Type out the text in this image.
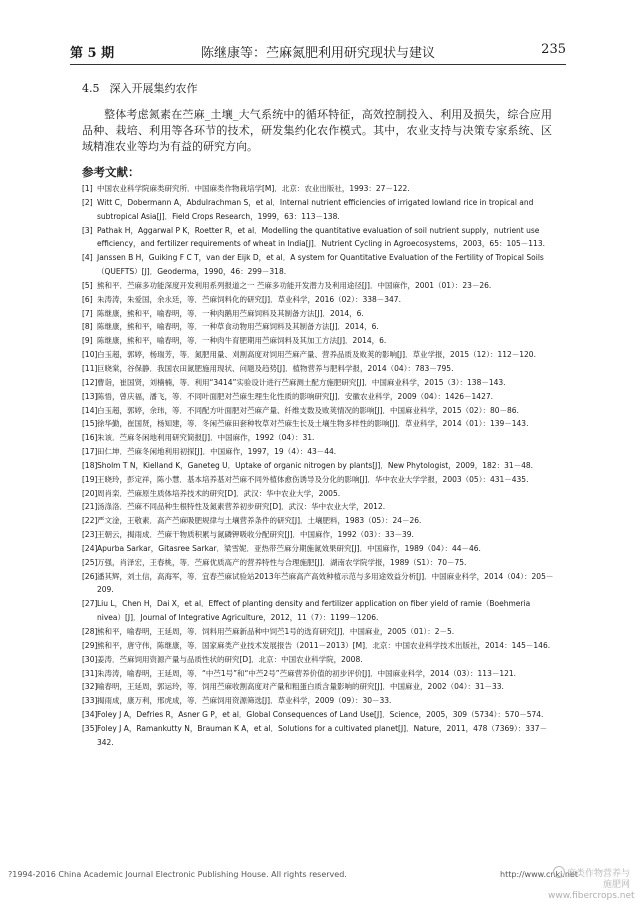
第 5 期	陈继康等：苎麻氮肥利用研究现状与建议	235
4.5 深入开展集约农作

整体考虑氮素在苎麻_土壤_大气系统中的循环特征，高效控制投入、利用及损失，综合应用品种、栽培、利用等各环节的技术，研发集约化农作模式。其中，农业支持与决策专家系统、区域精准农业等均为有益的研究方向。

参考文献：

[1] 中国农业科学院麻类研究所．中国麻类作物栽培学[M]．北京：农业出版社，1993：27－122.

[2] Witt C，Dobermann A，Abdulrachman S，et al．Internal nutrient efficiencies of irrigated lowland rice in tropical and subtropical Asia[J]．Field Crops Research，1999，63：113－138.

[3] Pathak H，Aggarwal P K，Roetter R，et al．Modelling the quantitative evaluation of soil nutrient supply，nutrient use efficiency，and fertilizer requirements of wheat in India[J]．Nutrient Cycling in Agroecosystems，2003，65：105－113.

[4] Janssen B H，Guiking F C T，van der Eijk D，et al．A system for Quantitative Evaluation of the Fertility of Tropical Soils（QUEFTS）[J]．Geoderma，1990，46：299－318.

[5] 熊和平．苎麻多功能深度开发利用系列报道之一 苎麻多功能开发潜力及利用途径[J]．中国麻作，2001（01）：23－26.

[6] 朱涛涛，朱爱国，余永廷，等．苎麻饲料化的研究[J]．草业科学，2016（02）：338－347.

[7] 陈继康，熊和平，喻春明，等．一种肉鹅用苎麻饲料及其制备方法[J]．2014，6.

[8] 陈继康，熊和平，喻春明，等．一种草食动物用苎麻饲料及其制备方法[J]．2014，6.

[9] 陈继康，熊和平，喻春明，等．一种肉牛育肥期用苎麻饲料及其加工方法[J]．2014，6.

[10]白玉超，郭婷，杨瑞芳，等．氮肥用量、刈割高度对饲用苎麻产量、营养品质及败荚的影响[J]．草业学报，2015（12）：112－120.

[11]巨晓棠，谷保静．我国农田氮肥施用现状、问题及趋势[J]．植物营养与肥料学报，2014（04）：783－795.

[12]曹诣，崔国贤，刘楠楠，等．利用“3414”实验设计进行苎麻测土配方施肥研究[J]．中国麻业科学，2015（3）：138－143.

[13]陈悟，曾庆福，潘飞，等．不同叶面肥对苎麻生理生化性质的影响研究[J]．安徽农业科学，2009（04）：1426－1427.

[14]白玉超，郭婷，余玮，等．不同配方叶面肥对苎麻产量、纤维支数及败荚情况的影响[J]．中国麻业科学，2015（02）：80－86.

[15]徐华勤，崔国贤，杨知建，等．冬闲苎麻田套种牧草对苎麻生长及土壤生物多样性的影响[J]．草业科学，2014（01）：139－143.

[16]朱该．苎麻冬闲地利用研究简报[J]．中国麻作，1992（04）：31.

[17]田仁坤．苎麻冬闲地利用初探[J]．中国麻作，1997，19（4）：43－44.

[18]Sholm T N，Kielland K，Ganeteg U．Uptake of organic nitrogen by plants[J]．New Phytologist，2009，182：31－48.

[19]王晓玲，彭定祥，陈小慧．基本培养基对苎麻不同外植体愈伤诱导及分化的影响[J]．华中农业大学学报，2003（05）：431－435.

[20]周肖栾．苎麻原生质体培养技术的研究[D]．武汉：华中农业大学，2005.

[21]汤涤洛．苎麻不同品种生根特性及氮素营养初步研究[D]．武汉：华中农业大学，2012.

[22]严文淦，王敬素．高产苎麻吸肥规律与土壤营养条件的研究[J]．土壤肥料，1983（05）：24－26.

[23]王朝云，揭雨成．苎麻干物质积累与氮磷钾吸收分配研究[J]．中国麻作，1992（03）：33－39.

[24]Apurba Sarkar，Gitasree Sarkar．梁雪妮．亚热带苎麻分期施氮效果研究[J]．中国麻作，1989（04）：44－46.

[25]万强，肖泽宏，王春桃，等．苎麻优质高产的营养特性与合理施肥[J]．湖南农学院学报，1989（S1）：70－75.

[26]潘其辉，刘土信，高海军，等．宜春苎麻试验站2013年苎麻高产高效种植示范与多用途效益分析[J]．中国麻业科学，2014（04）：205－209.

[27]Liu L，Chen H，Dai X，et al．Effect of planting density and fertilizer application on fiber yield of ramie（Boehmeria nivea）[J]．Journal of Integrative Agriculture，2012，11（7）：1199－1206.

[28]熊和平，喻春明，王延周，等．饲料用苎麻新品种中饲苎1号的选育研究[J]．中国麻业，2005（01）：2－5.

[29]熊和平，唐守伟，陈继康，等．国家麻类产业技术发展报告（2011－2013）[M]．北京：中国农业科学技术出版社，2014：145－146.

[30]姜涛．苎麻饲用资源产量与品质性状的研究[D]．北京：中国农业科学院，2008.

[31]朱涛涛，喻春明，王延周，等．“中苎1号”和“中苎2号”苎麻营养价值的初步评价[J]．中国麻业科学，2014（03）：113－121.

[32]喻春明，王延周，郭运玲，等．饲用苎麻收割高度对产量和粗蛋白质含量影响的研究[J]．中国麻业，2002（04）：31－33.

[33]揭雨成，康万利，邢虎成，等．苎麻饲用资源筛选[J]．草业科学，2009（09）：30－33.

[34]Foley J A，Defries R，Asner G P，et al．Global Consequences of Land Use[J]．Science，2005，309（5734）：570－574.

[35]Foley J A，Ramankutty N，Brauman K A，et al．Solutions for a cultivated planet[J]．Nature，2011，478（7369）：337－342.

?1994-2016 China Academic Journal Electronic Publishing House. All rights reserved.	http://www.cnki.net
麻类作物营养与施肥网
www.fibercrops.net
